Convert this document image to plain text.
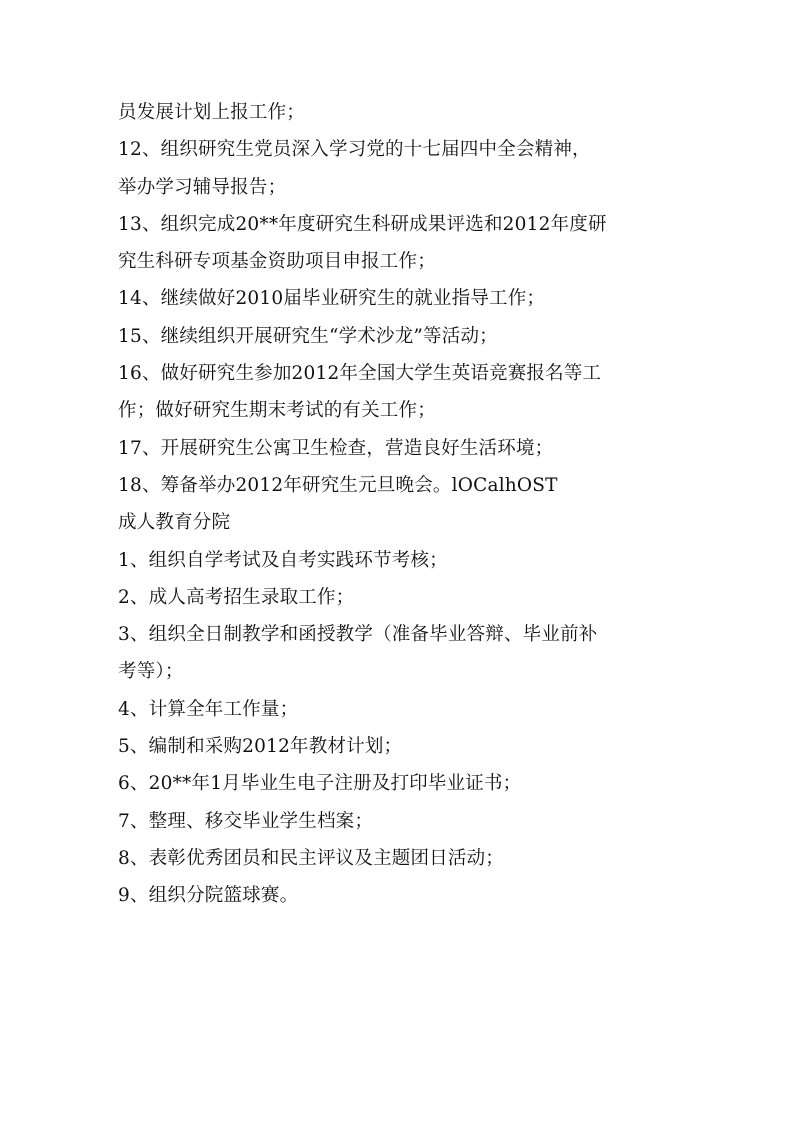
员发展计划上报工作；
12、组织研究生党员深入学习党的十七届四中全会精神，
举办学习辅导报告；
13、组织完成20**年度研究生科研成果评选和2012年度研
究生科研专项基金资助项目申报工作；
14、继续做好2010届毕业研究生的就业指导工作；
15、继续组织开展研究生“学术沙龙”等活动；
16、做好研究生参加2012年全国大学生英语竞赛报名等工
作；做好研究生期末考试的有关工作；
17、开展研究生公寓卫生检查，营造良好生活环境；
18、筹备举办2012年研究生元旦晚会。lOCalhOST
成人教育分院
1、组织自学考试及自考实践环节考核；
2、成人高考招生录取工作；
3、组织全日制教学和函授教学（准备毕业答辩、毕业前补
考等）；
4、计算全年工作量；
5、编制和采购2012年教材计划；
6、20**年1月毕业生电子注册及打印毕业证书；
7、整理、移交毕业学生档案；
8、表彰优秀团员和民主评议及主题团日活动；
9、组织分院篮球赛。
